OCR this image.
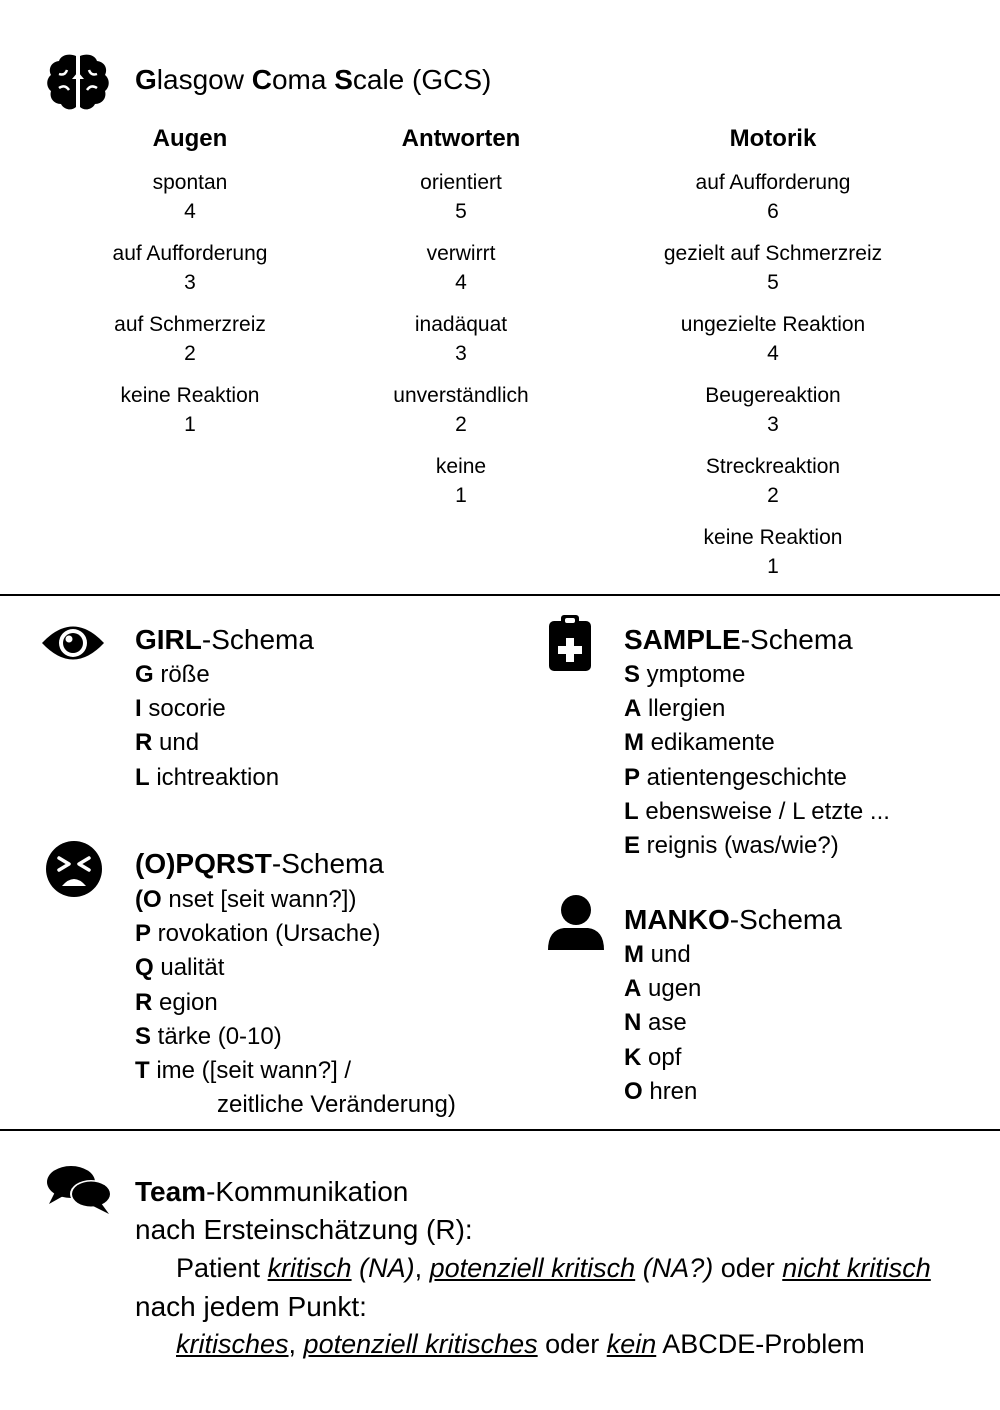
Glasgow Coma Scale (GCS)
Augen
spontan
4
auf Aufforderung
3
auf Schmerzreiz
2
keine Reaktion
1
Antworten
orientiert
5
verwirrt
4
inadäquat
3
unverständlich
2
keine
1
Motorik
auf Aufforderung
6
gezielt auf Schmerzreiz
5
ungezielte Reaktion
4
Beugereaktion
3
Streckreaktion
2
keine Reaktion
1
GIRL-Schema
G röße
I socorie
R und
L ichtreaktion
(O)PQRST-Schema
(O nset [seit wann?])
P rovokation (Ursache)
Q ualität
R egion
S tärke (0-10)
T ime ([seit wann?] /
zeitliche Veränderung)
SAMPLE-Schema
S ymptome
A llergien
M edikamente
P atientengeschichte
L ebensweise / L etzte ...
E reignis (was/wie?)
MANKO-Schema
M und
A ugen
N ase
K opf
O hren
Team-Kommunikation
nach Ersteinschätzung (R):
Patient kritisch (NA), potenziell kritisch (NA?) oder nicht kritisch
nach jedem Punkt:
kritisches, potenziell kritisches oder kein ABCDE-Problem
